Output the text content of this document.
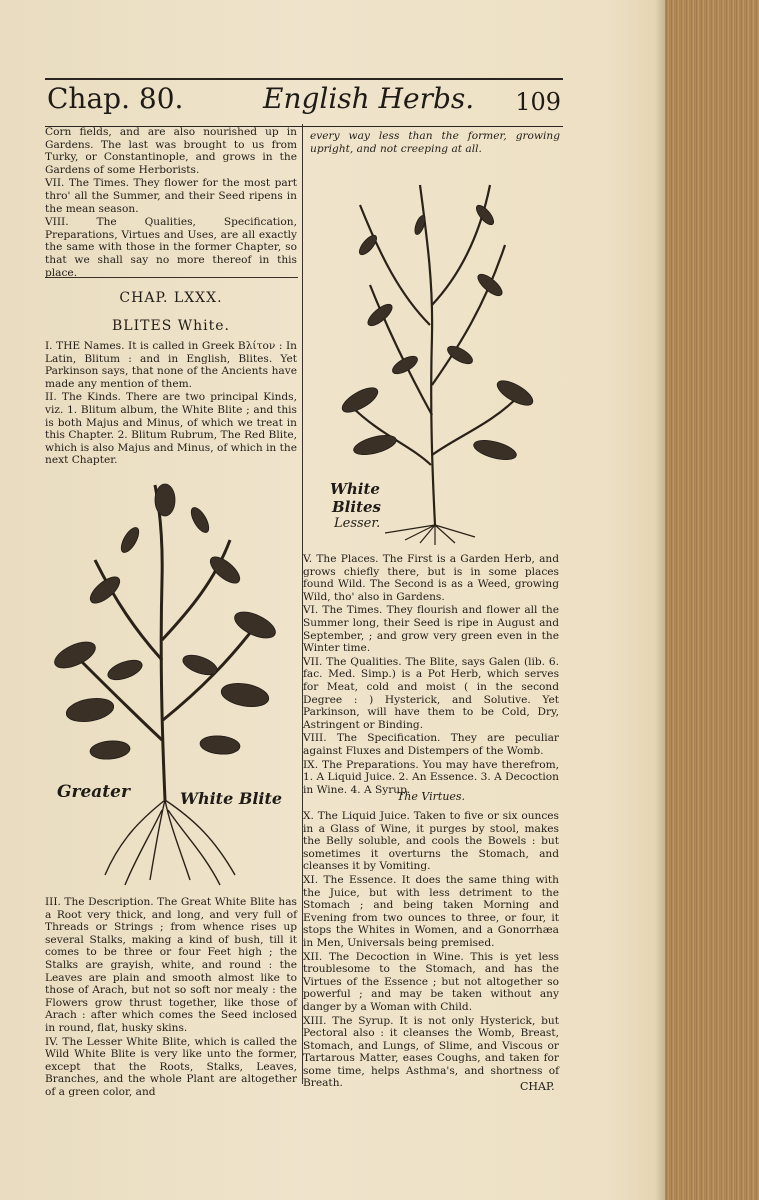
Chap. 80.	English Herbs. 109

Corn fields, and are also nourished up in Gardens. The last was brought to us from Turky, or Constantinople, and grows in the Gardens of some Herborists.

VII. The Times. They flower for the most part thro' all the Summer, and their Seed ripens in the mean season.

VIII. The Qualities, Specification, Preparations, Virtues and Uses, are all exactly the same with those in the former Chapter, so that we shall say no more thereof in this place.

every way less than the former, growing upright, and not creeping at all.

CHAP. LXXX.
BLITES White.

I. THE Names. It is called in Greek Βλίτον : In Latin, Blitum : and in English, Blites. Yet Parkinson says, that none of the Ancients have made any mention of them.

II. The Kinds. There are two principal Kinds, viz. 1. Blitum album, the White Blite ; and this is both Majus and Minus, of which we treat in this Chapter. 2. Blitum Rubrum, The Red Blite, which is also Majus and Minus, of which in the next Chapter.

White
Blites
Lesser.
Greater	White Blite

III. The Description. The Great White Blite has a Root very thick, and long, and very full of Threads or Strings ; from whence rises up several Stalks, making a kind of bush, till it comes to be three or four Feet high ; the Stalks are grayish, white, and round : the Leaves are plain and smooth almost like to those of Arach, but not so soft nor mealy : the Flowers grow thrust together, like those of Arach : after which comes the Seed inclosed in round, flat, husky skins.

IV. The Lesser White Blite, which is called the Wild White Blite is very like unto the former, except that the Roots, Stalks, Leaves, Branches, and the whole Plant are altogether of a green color, and

V. The Places. The First is a Garden Herb, and grows chiefly there, but is in some places found Wild. The Second is as a Weed, growing Wild, tho' also in Gardens.

VI. The Times. They flourish and flower all the Summer long, their Seed is ripe in August and September, ; and grow very green even in the Winter time.

VII. The Qualities. The Blite, says Galen (lib. 6. fac. Med. Simp.) is a Pot Herb, which serves for Meat, cold and moist ( in the second Degree : ) Hysterick, and Solutive. Yet Parkinson, will have them to be Cold, Dry, Astringent or Binding.

VIII. The Specification. They are peculiar against Fluxes and Distempers of the Womb.

IX. The Preparations. You may have therefrom, 1. A Liquid Juice. 2. An Essence. 3. A Decoction in Wine. 4. A Syrup.

The Virtues.

X. The Liquid Juice. Taken to five or six ounces in a Glass of Wine, it purges by stool, makes the Belly soluble, and cools the Bowels : but sometimes it overturns the Stomach, and cleanses it by Vomiting.

XI. The Essence. It does the same thing with the Juice, but with less detriment to the Stomach ; and being taken Morning and Evening from two ounces to three, or four, it stops the Whites in Women, and a Gonorrhæa in Men, Universals being premised.

XII. The Decoction in Wine. This is yet less troublesome to the Stomach, and has the Virtues of the Essence ; but not altogether so powerful ; and may be taken without any danger by a Woman with Child.

XIII. The Syrup. It is not only Hysterick, but Pectoral also : it cleanses the Womb, Breast, Stomach, and Lungs, of Slime, and Viscous or Tartarous Matter, eases Coughs, and taken for some time, helps Asthma's, and shortness of Breath.	CHAP.
